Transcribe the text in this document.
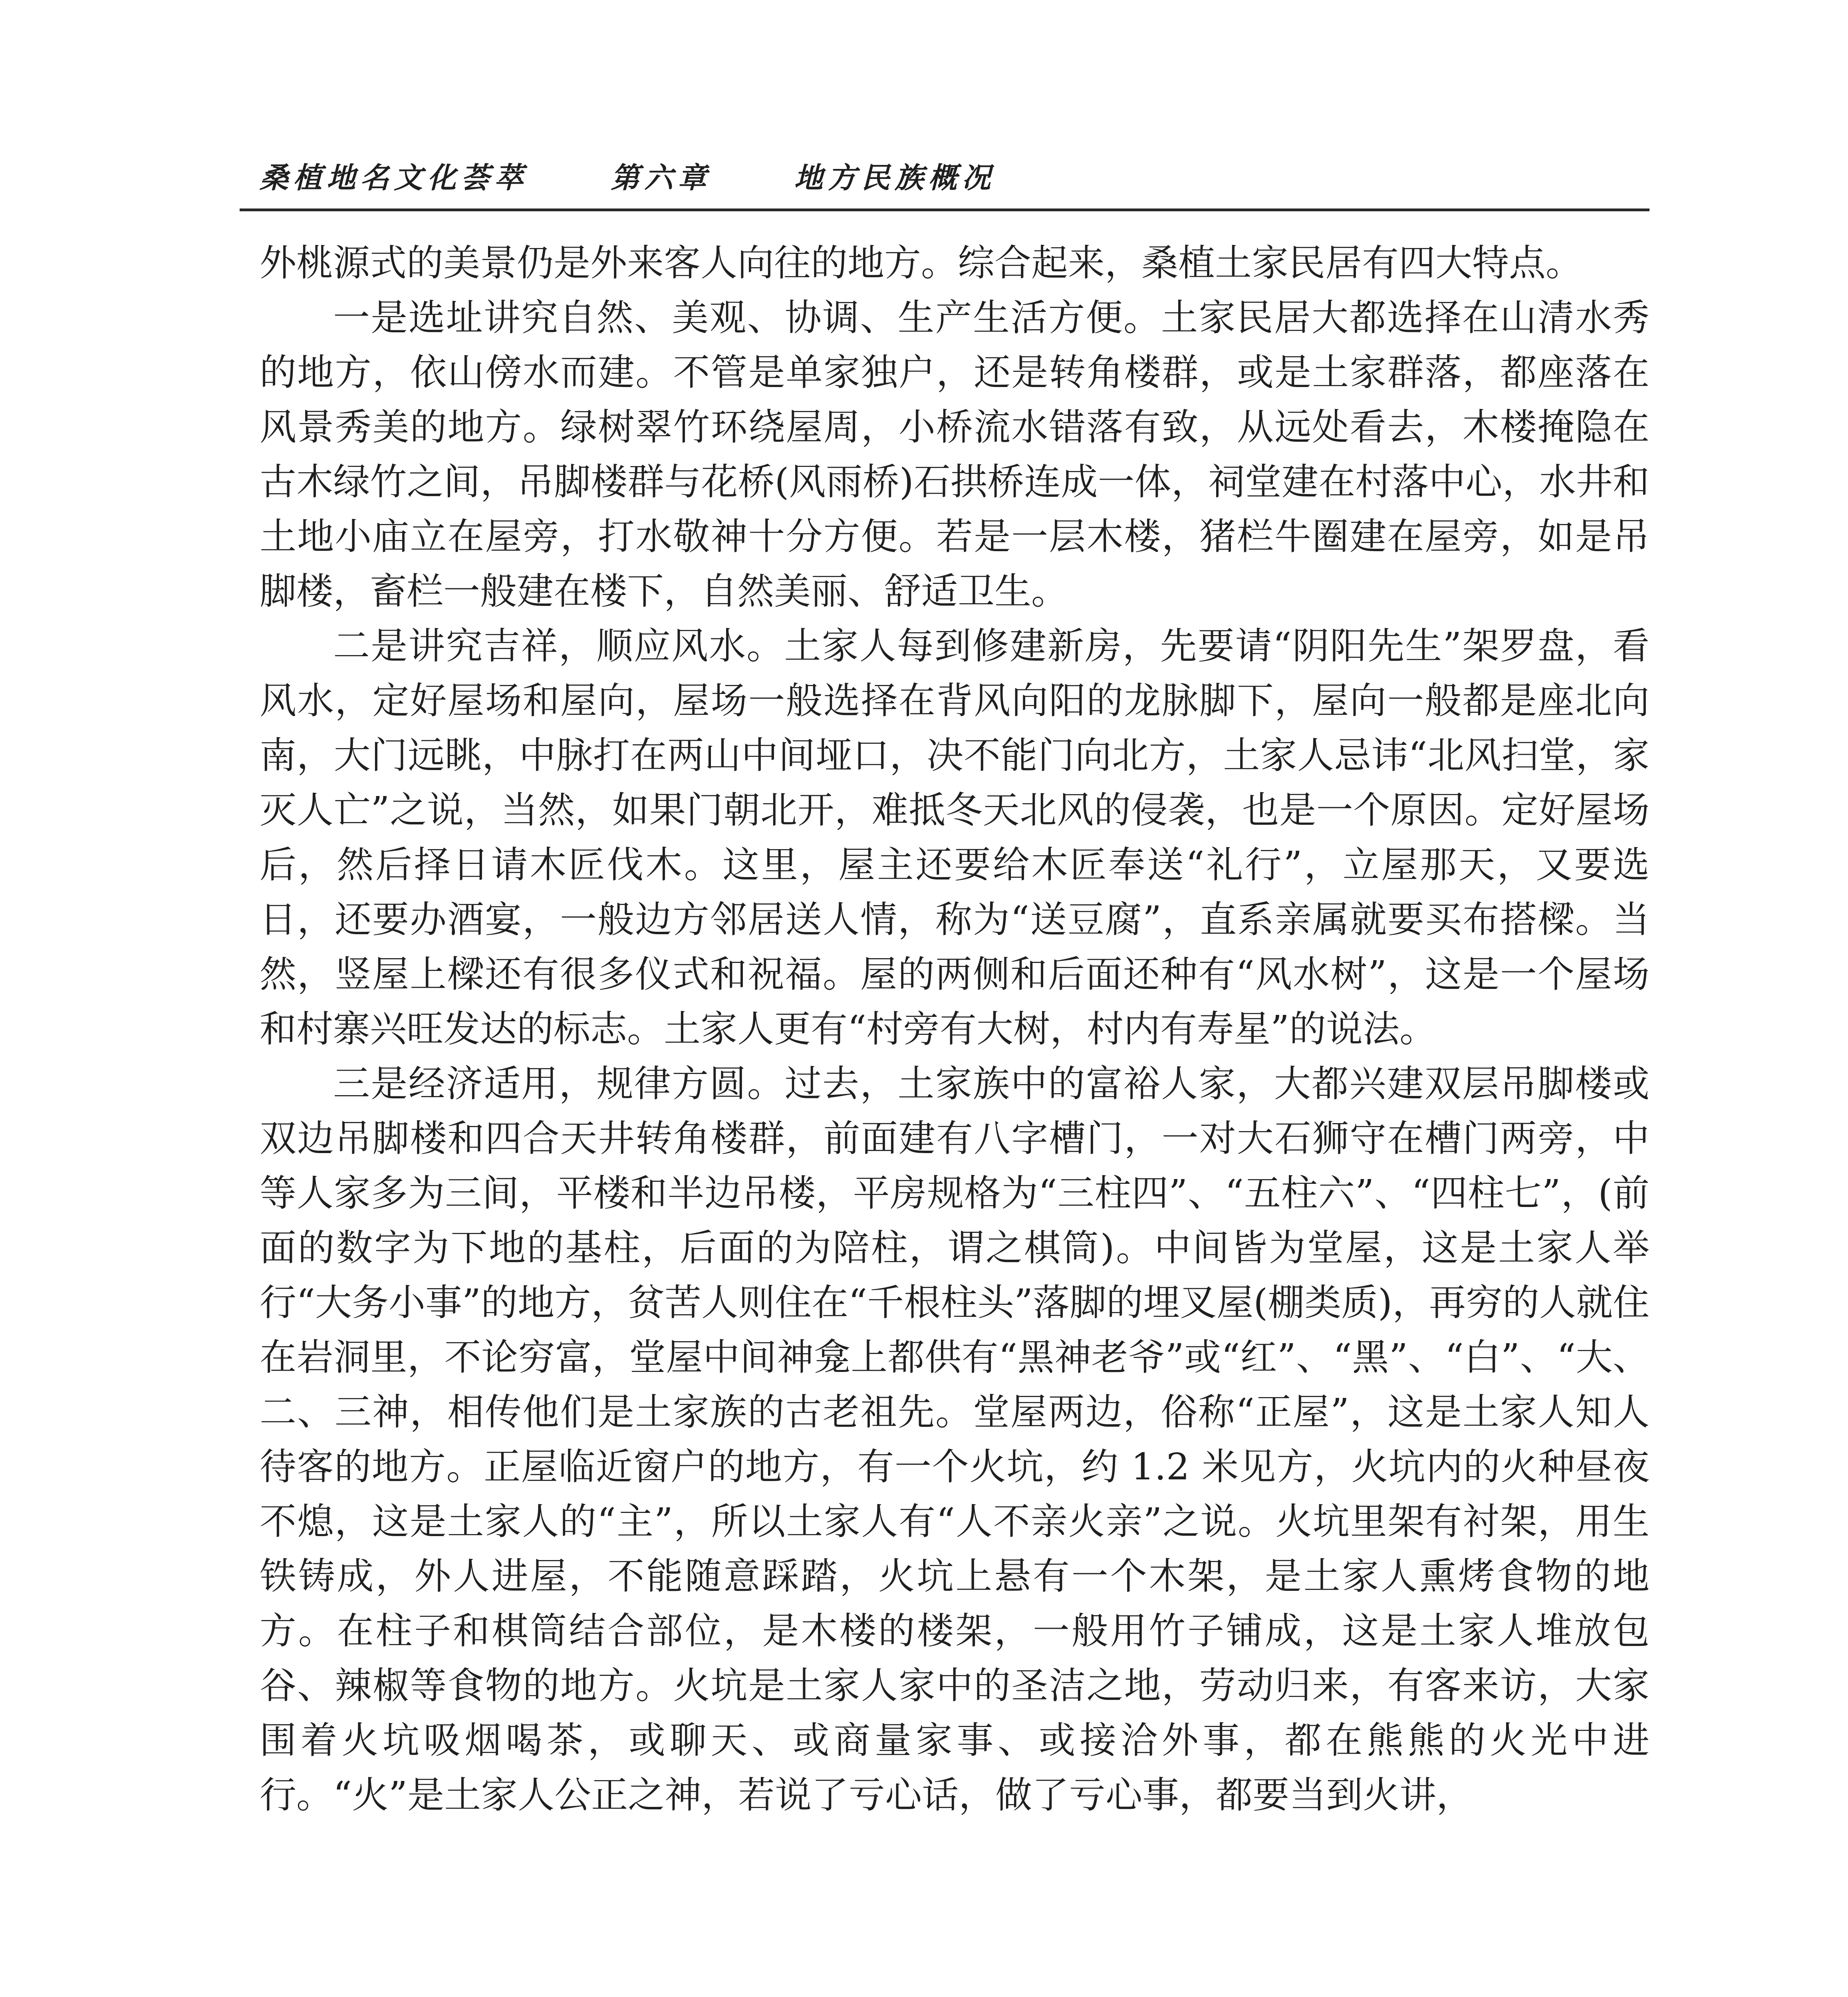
桑植地名文化荟萃	第六章	地方民族概况

外桃源式的美景仍是外来客人向往的地方。综合起来，桑植土家民居有四大特点。

一是选址讲究自然、美观、协调、生产生活方便。土家民居大都选择在山清水秀的地方，依山傍水而建。不管是单家独户，还是转角楼群，或是土家群落，都座落在风景秀美的地方。绿树翠竹环绕屋周，小桥流水错落有致，从远处看去，木楼掩隐在古木绿竹之间，吊脚楼群与花桥(风雨桥)石拱桥连成一体，祠堂建在村落中心，水井和土地小庙立在屋旁，打水敬神十分方便。若是一层木楼，猪栏牛圈建在屋旁，如是吊脚楼，畜栏一般建在楼下，自然美丽、舒适卫生。

二是讲究吉祥，顺应风水。土家人每到修建新房，先要请“阴阳先生”架罗盘，看风水，定好屋场和屋向，屋场一般选择在背风向阳的龙脉脚下，屋向一般都是座北向南，大门远眺，中脉打在两山中间垭口，决不能门向北方，土家人忌讳“北风扫堂，家灭人亡”之说，当然，如果门朝北开，难抵冬天北风的侵袭，也是一个原因。定好屋场后，然后择日请木匠伐木。这里，屋主还要给木匠奉送“礼行”，立屋那天，又要选日，还要办酒宴，一般边方邻居送人情，称为“送豆腐”，直系亲属就要买布搭樑。当然，竖屋上樑还有很多仪式和祝福。屋的两侧和后面还种有“风水树”，这是一个屋场和村寨兴旺发达的标志。土家人更有“村旁有大树，村内有寿星”的说法。

三是经济适用，规律方圆。过去，土家族中的富裕人家，大都兴建双层吊脚楼或双边吊脚楼和四合天井转角楼群，前面建有八字槽门，一对大石狮守在槽门两旁，中等人家多为三间，平楼和半边吊楼，平房规格为“三柱四”、“五柱六”、“四柱七”，(前面的数字为下地的基柱，后面的为陪柱，谓之棋筒)。中间皆为堂屋，这是土家人举行“大务小事”的地方，贫苦人则住在“千根柱头”落脚的埋叉屋(棚类质)，再穷的人就住在岩洞里，不论穷富，堂屋中间神龛上都供有“黑神老爷”或“红”、“黑”、“白”、“大、二、三神，相传他们是土家族的古老祖先。堂屋两边，俗称“正屋”，这是土家人知人待客的地方。正屋临近窗户的地方，有一个火坑，约 1.2 米见方，火坑内的火种昼夜不熄，这是土家人的“主”，所以土家人有“人不亲火亲”之说。火坑里架有衬架，用生铁铸成，外人进屋，不能随意踩踏，火坑上悬有一个木架，是土家人熏烤食物的地方。在柱子和棋筒结合部位，是木楼的楼架，一般用竹子铺成，这是土家人堆放包谷、辣椒等食物的地方。火坑是土家人家中的圣洁之地，劳动归来，有客来访，大家围着火坑吸烟喝茶，或聊天、或商量家事、或接洽外事，都在熊熊的火光中进行。“火”是土家人公正之神，若说了亏心话，做了亏心事，都要当到火讲，
